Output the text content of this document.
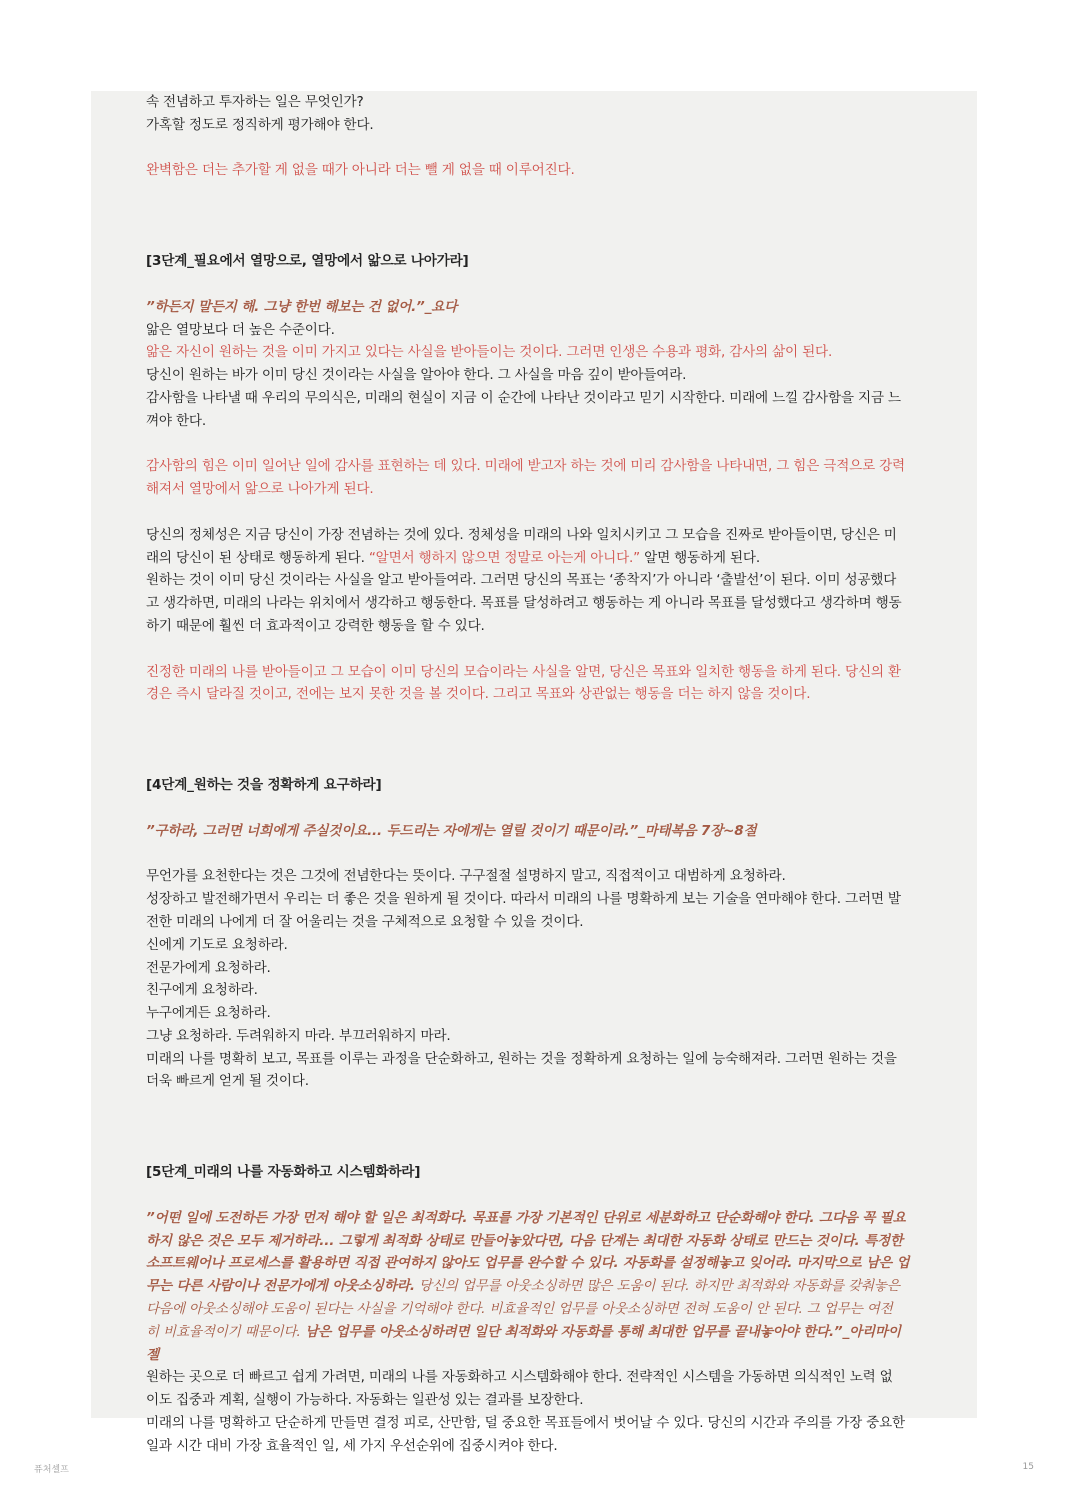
속 전념하고 투자하는 일은 무엇인가?

가혹할 정도로 정직하게 평가해야 한다.

완벽함은 더는 추가할 게 없을 때가 아니라 더는 뺄 게 없을 때 이루어진다.

[3단계_필요에서 열망으로, 열망에서 앎으로 나아가라]

”하든지 말든지 해. 그냥 한번 해보는 건 없어.”_요다

앎은 열망보다 더 높은 수준이다.

앎은 자신이 원하는 것을 이미 가지고 있다는 사실을 받아들이는 것이다. 그러면 인생은 수용과 평화, 감사의 삶이 된다.

당신이 원하는 바가 이미 당신 것이라는 사실을 알아야 한다. 그 사실을 마음 깊이 받아들여라.

감사함을 나타낼 때 우리의 무의식은, 미래의 현실이 지금 이 순간에 나타난 것이라고 믿기 시작한다. 미래에 느낄 감사함을 지금 느

껴야 한다.

감사함의 힘은 이미 일어난 일에 감사를 표현하는 데 있다. 미래에 받고자 하는 것에 미리 감사함을 나타내면, 그 힘은 극적으로 강력

해져서 열망에서 앎으로 나아가게 된다.

당신의 정체성은 지금 당신이 가장 전념하는 것에 있다. 정체성을 미래의 나와 일치시키고 그 모습을 진짜로 받아들이면, 당신은 미

래의 당신이 된 상태로 행동하게 된다. “알면서 행하지 않으면 정말로 아는게 아니다.” 알면 행동하게 된다.

원하는 것이 이미 당신 것이라는 사실을 알고 받아들여라. 그러면 당신의 목표는 ‘종착지’가 아니라 ‘출발선’이 된다. 이미 성공했다

고 생각하면, 미래의 나라는 위치에서 생각하고 행동한다. 목표를 달성하려고 행동하는 게 아니라 목표를 달성했다고 생각하며 행동

하기 때문에 훨씬 더 효과적이고 강력한 행동을 할 수 있다.

진정한 미래의 나를 받아들이고 그 모습이 이미 당신의 모습이라는 사실을 알면, 당신은 목표와 일치한 행동을 하게 된다. 당신의 환

경은 즉시 달라질 것이고, 전에는 보지 못한 것을 볼 것이다. 그리고 목표와 상관없는 행동을 더는 하지 않을 것이다.

[4단계_원하는 것을 정확하게 요구하라]

”구하라, 그러면 너희에게 주실것이요... 두드리는 자에게는 열릴 것이기 때문이라.”_마태복음 7장~8절

무언가를 요천한다는 것은 그것에 전념한다는 뜻이다. 구구절절 설명하지 말고, 직접적이고 대범하게 요청하라.

성장하고 발전해가면서 우리는 더 좋은 것을 원하게 될 것이다. 따라서 미래의 나를 명확하게 보는 기술을 연마해야 한다. 그러면 발

전한 미래의 나에게 더 잘 어울리는 것을 구체적으로 요청할 수 있을 것이다.

신에게 기도로 요청하라.

전문가에게 요청하라.

친구에게 요청하라.

누구에게든 요청하라.

그냥 요청하라. 두려워하지 마라. 부끄러워하지 마라.

미래의 나를 명확히 보고, 목표를 이루는 과정을 단순화하고, 원하는 것을 정확하게 요청하는 일에 능숙해져라. 그러면 원하는 것을

더욱 빠르게 얻게 될 것이다.

[5단계_미래의 나를 자동화하고 시스템화하라]

”어떤 일에 도전하든 가장 먼저 해야 할 일은 최적화다. 목표를 가장 기본적인 단위로 세분화하고 단순화해야 한다. 그다음 꼭 필요

하지 않은 것은 모두 제거하라... 그렇게 최적화 상태로 만들어놓았다면, 다음 단계는 최대한 자동화 상태로 만드는 것이다. 특정한

소프트웨어나 프로세스를 활용하면 직접 관여하지 않아도 업무를 완수할 수 있다. 자동화를 설정해놓고 잊어라. 마지막으로 남은 업

무는 다른 사람이나 전문가에게 아웃소싱하라. 당신의 업무를 아웃소싱하면 많은 도움이 된다. 하지만 최적화와 자동화를 갖춰놓은

다음에 아웃소싱해야 도움이 된다는 사실을 기억해야 한다. 비효율적인 업무를 아웃소싱하면 전혀 도움이 안 된다. 그 업무는 여전

히 비효율적이기 때문이다. 남은 업무를 아웃소싱하려면 일단 최적화와 자동화를 통해 최대한 업무를 끝내놓아야 한다.”_아리마이

젤

원하는 곳으로 더 빠르고 쉽게 가려면, 미래의 나를 자동화하고 시스템화해야 한다. 전략적인 시스템을 가동하면 의식적인 노력 없

이도 집중과 계획, 실행이 가능하다. 자동화는 일관성 있는 결과를 보장한다.

미래의 나를 명확하고 단순하게 만들면 결정 피로, 산만함, 덜 중요한 목표들에서 벗어날 수 있다. 당신의 시간과 주의를 가장 중요한

일과 시간 대비 가장 효율적인 일, 세 가지 우선순위에 집중시켜야 한다.

퓨처셀프	15
